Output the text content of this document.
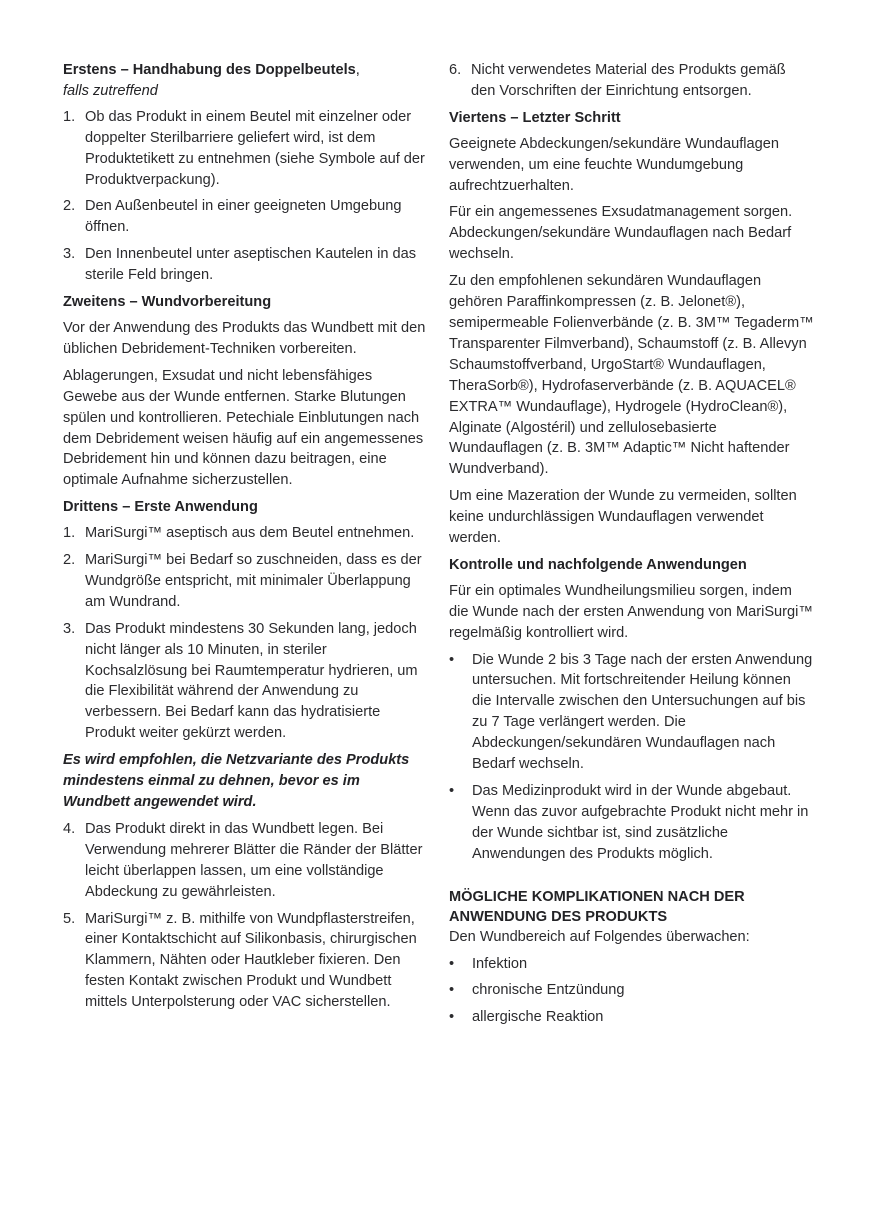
Erstens – Handhabung des Doppelbeutels,
falls zutreffend
1. Ob das Produkt in einem Beutel mit einzelner oder doppelter Sterilbarriere geliefert wird, ist dem Produktetikett zu entnehmen (siehe Symbole auf der Produktverpackung).
2. Den Außenbeutel in einer geeigneten Umgebung öffnen.
3. Den Innenbeutel unter aseptischen Kautelen in das sterile Feld bringen.
Zweitens – Wundvorbereitung

Vor der Anwendung des Produkts das Wundbett mit den üblichen Debridement-Techniken vorbereiten.

Ablagerungen, Exsudat und nicht lebensfähiges Gewebe aus der Wunde entfernen. Starke Blutungen spülen und kontrollieren. Petechiale Einblutungen nach dem Debridement weisen häufig auf ein angemessenes Debridement hin und können dazu beitragen, eine optimale Aufnahme sicherzustellen.

Drittens – Erste Anwendung
1. MariSurgi™ aseptisch aus dem Beutel entnehmen.
2. MariSurgi™ bei Bedarf so zuschneiden, dass es der Wundgröße entspricht, mit minimaler Überlappung am Wundrand.
3. Das Produkt mindestens 30 Sekunden lang, jedoch nicht länger als 10 Minuten, in steriler Kochsalzlösung bei Raumtemperatur hydrieren, um die Flexibilität während der Anwendung zu verbessern. Bei Bedarf kann das hydratisierte Produkt weiter gekürzt werden.
Es wird empfohlen, die Netzvariante des Produkts mindestens einmal zu dehnen, bevor es im Wundbett angewendet wird.
4. Das Produkt direkt in das Wundbett legen. Bei Verwendung mehrerer Blätter die Ränder der Blätter leicht überlappen lassen, um eine vollständige Abdeckung zu gewährleisten.
5. MariSurgi™ z. B. mithilfe von Wundpflasterstreifen, einer Kontaktschicht auf Silikonbasis, chirurgischen Klammern, Nähten oder Hautkleber fixieren. Den festen Kontakt zwischen Produkt und Wundbett mittels Unterpolsterung oder VAC sicherstellen.
6. Nicht verwendetes Material des Produkts gemäß den Vorschriften der Einrichtung entsorgen.
Viertens – Letzter Schritt

Geeignete Abdeckungen/sekundäre Wundauflagen verwenden, um eine feuchte Wundumgebung aufrechtzuerhalten.

Für ein angemessenes Exsudatmanagement sorgen. Abdeckungen/sekundäre Wundauflagen nach Bedarf wechseln.

Zu den empfohlenen sekundären Wundauflagen gehören Paraffinkompressen (z. B. Jelonet®), semipermeable Folienverbände (z. B. 3M™ Tegaderm™ Transparenter Filmverband), Schaumstoff (z. B. Allevyn Schaumstoffverband, UrgoStart® Wundauflagen, TheraSorb®), Hydrofaserverbände (z. B. AQUACEL® EXTRA™ Wundauflage), Hydrogele (HydroClean®), Alginate (Algostéril) und zellulosebasierte Wundauflagen (z. B. 3M™ Adaptic™ Nicht haftender Wundverband).

Um eine Mazeration der Wunde zu vermeiden, sollten keine undurchlässigen Wundauflagen verwendet werden.

Kontrolle und nachfolgende Anwendungen

Für ein optimales Wundheilungsmilieu sorgen, indem die Wunde nach der ersten Anwendung von MariSurgi™ regelmäßig kontrolliert wird.

• Die Wunde 2 bis 3 Tage nach der ersten Anwendung untersuchen. Mit fortschreitender Heilung können die Intervalle zwischen den Untersuchungen auf bis zu 7 Tage verlängert werden. Die Abdeckungen/sekundären Wundauflagen nach Bedarf wechseln.
• Das Medizinprodukt wird in der Wunde abgebaut. Wenn das zuvor aufgebrachte Produkt nicht mehr in der Wunde sichtbar ist, sind zusätzliche Anwendungen des Produkts möglich.
MÖGLICHE KOMPLIKATIONEN NACH DER ANWENDUNG DES PRODUKTS

Den Wundbereich auf Folgendes überwachen:

• Infektion
• chronische Entzündung
• allergische Reaktion
